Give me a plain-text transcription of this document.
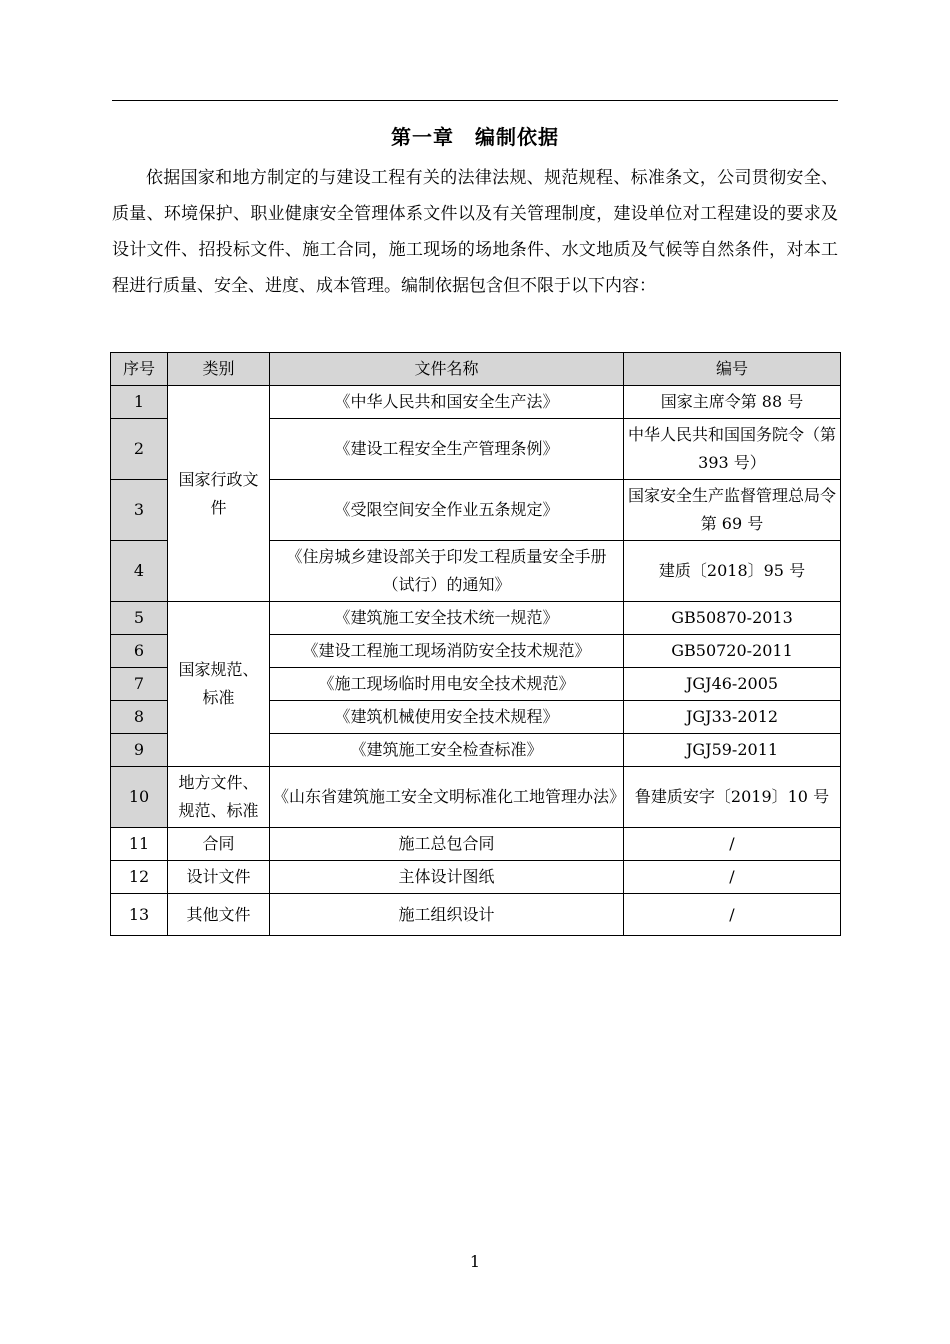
第一章　编制依据
依据国家和地方制定的与建设工程有关的法律法规、规范规程、标准条文，公司贯彻安全、质量、环境保护、职业健康安全管理体系文件以及有关管理制度，建设单位对工程建设的要求及设计文件、招投标文件、施工合同，施工现场的场地条件、水文地质及气候等自然条件，对本工程进行质量、安全、进度、成本管理。编制依据包含但不限于以下内容：
序号	类别	文件名称	编号
1	国家行政文件	《中华人民共和国安全生产法》	国家主席令第 88 号
2		《建设工程安全生产管理条例》	中华人民共和国国务院令（第 393 号）
3		《受限空间安全作业五条规定》	国家安全生产监督管理总局令第 69 号
4		《住房城乡建设部关于印发工程质量安全手册（试行）的通知》	建质〔2018〕95 号
5	国家规范、标准	《建筑施工安全技术统一规范》	GB50870-2013
6		《建设工程施工现场消防安全技术规范》	GB50720-2011
7		《施工现场临时用电安全技术规范》	JGJ46-2005
8		《建筑机械使用安全技术规程》	JGJ33-2012
9		《建筑施工安全检查标准》	JGJ59-2011
10	地方文件、规范、标准	《山东省建筑施工安全文明标准化工地管理办法》	鲁建质安字〔2019〕10 号
11	合同	施工总包合同	/
12	设计文件	主体设计图纸	/
13	其他文件	施工组织设计	/
1
